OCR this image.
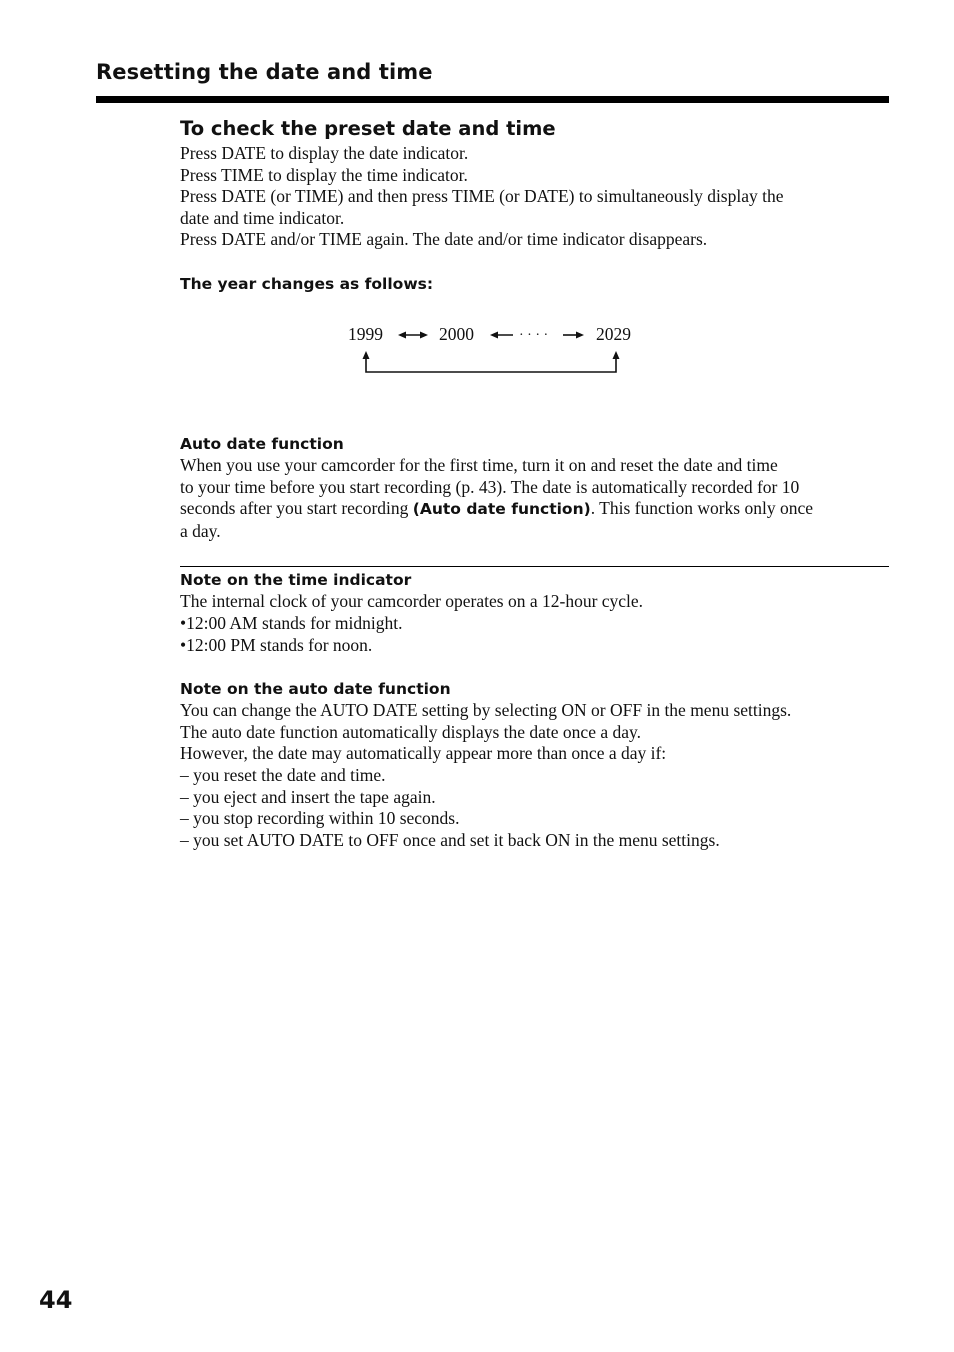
Resetting the date and time
To check the preset date and time

Press DATE to display the date indicator.

Press TIME to display the time indicator.

Press DATE (or TIME) and then press TIME (or DATE) to simultaneously display the

date and time indicator.

Press DATE and/or TIME again. The date and/or time indicator disappears.

The year changes as follows:

1999	2000	· · · ·	2029

Auto date function

When you use your camcorder for the first time, turn it on and reset the date and time

to your time before you start recording (p. 43). The date is automatically recorded for 10

seconds after you start recording (Auto date function). This function works only once

a day.

Note on the time indicator

The internal clock of your camcorder operates on a 12-hour cycle.

•12:00 AM stands for midnight.

•12:00 PM stands for noon.

Note on the auto date function

You can change the AUTO DATE setting by selecting ON or OFF in the menu settings.

The auto date function automatically displays the date once a day.

However, the date may automatically appear more than once a day if:

– you reset the date and time.

– you eject and insert the tape again.

– you stop recording within 10 seconds.

– you set AUTO DATE to OFF once and set it back ON in the menu settings.

44
